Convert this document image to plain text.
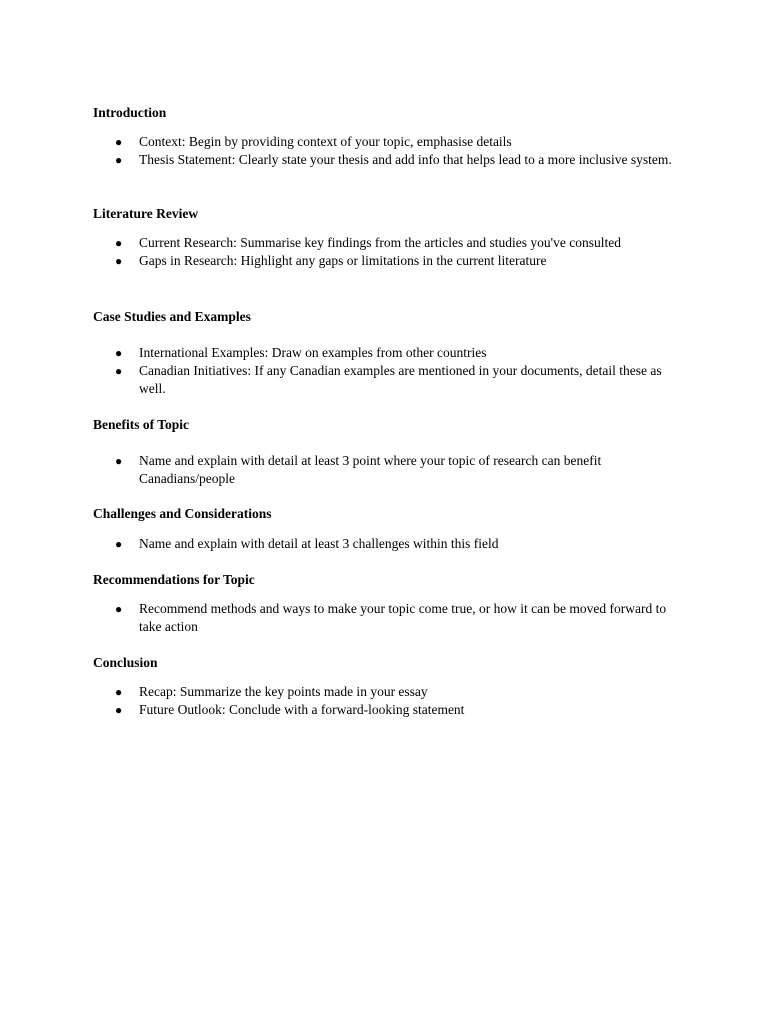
Introduction

● Context: Begin by providing context of your topic, emphasise details
● Thesis Statement: Clearly state your thesis and add info that helps lead to a more inclusive system.

Literature Review

● Current Research: Summarise key findings from the articles and studies you've consulted
● Gaps in Research: Highlight any gaps or limitations in the current literature

Case Studies and Examples

● International Examples: Draw on examples from other countries
● Canadian Initiatives: If any Canadian examples are mentioned in your documents, detail these as well.

Benefits of Topic

● Name and explain with detail at least 3 point where your topic of research can benefit Canadians/people

Challenges and Considerations

● Name and explain with detail at least 3 challenges within this field

Recommendations for Topic

● Recommend methods and ways to make your topic come true, or how it can be moved forward to take action

Conclusion

● Recap: Summarize the key points made in your essay
● Future Outlook: Conclude with a forward-looking statement
